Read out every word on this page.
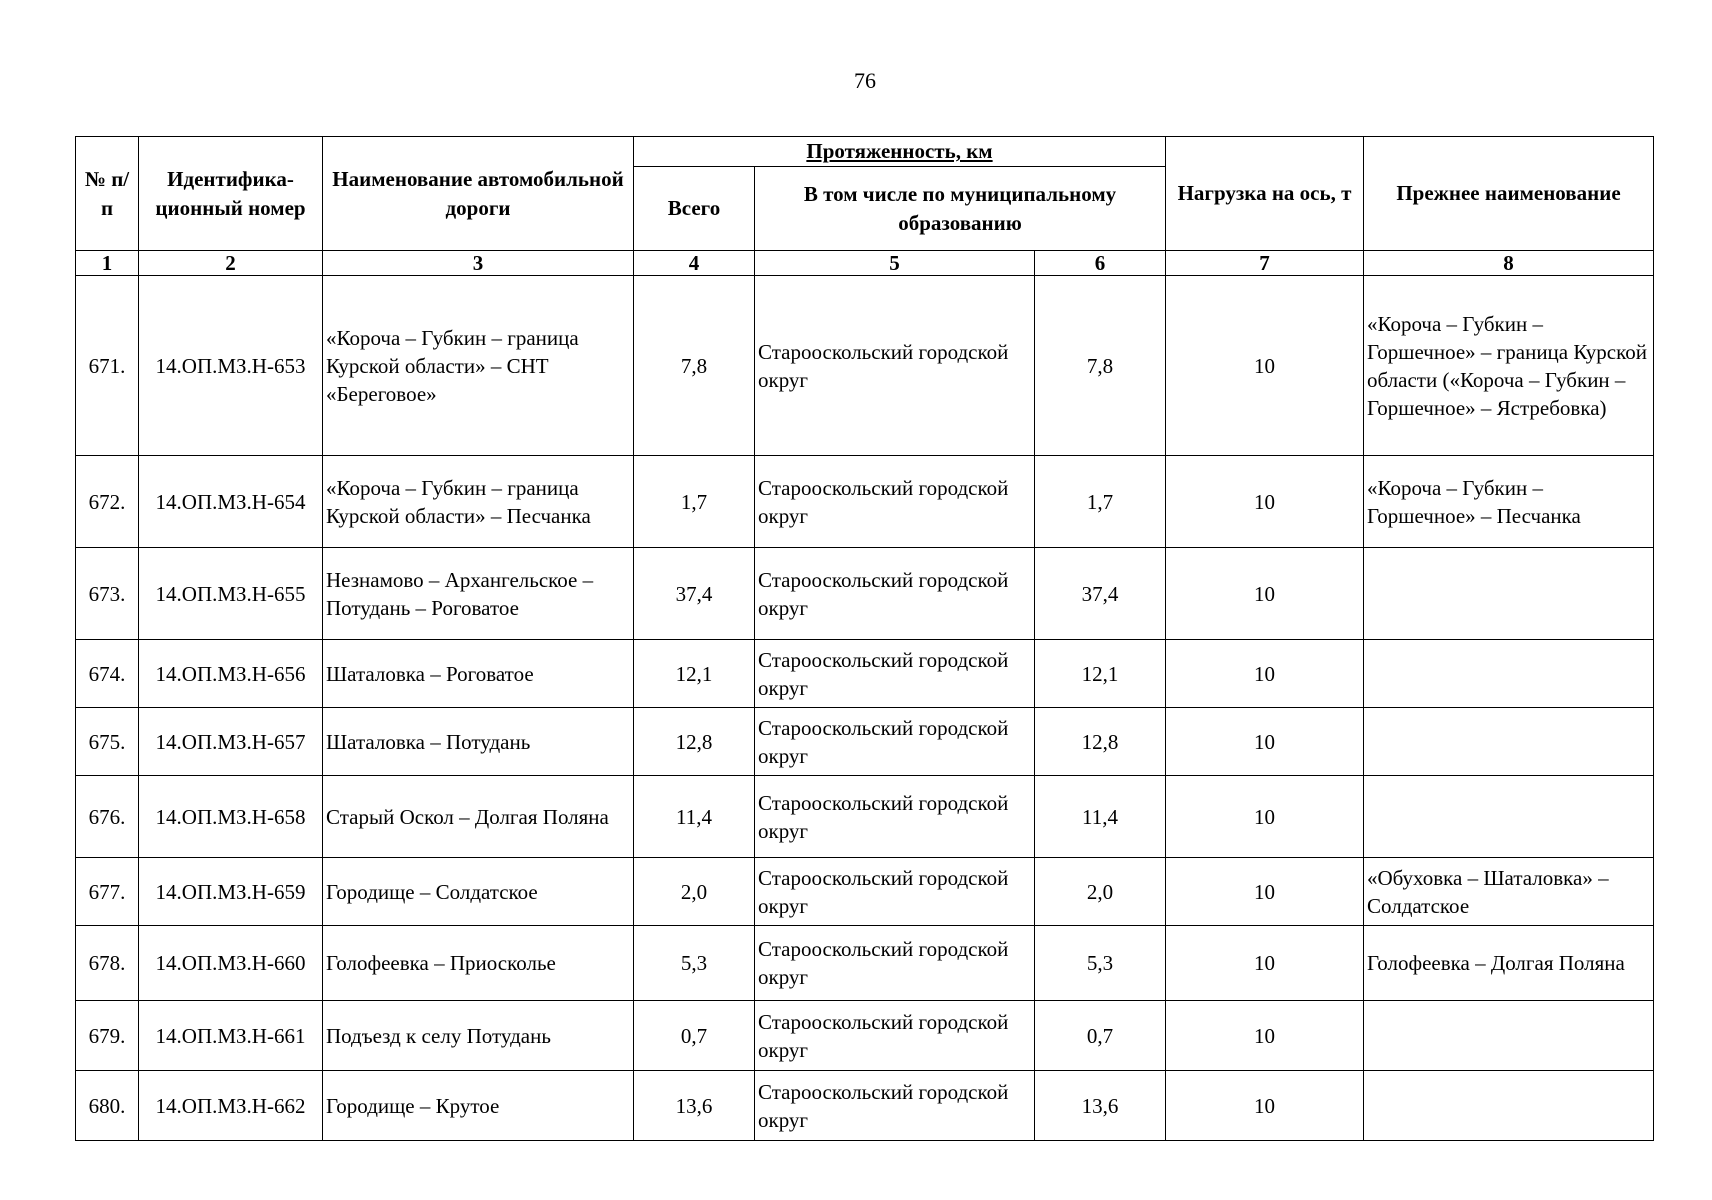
76
№ п/п	Идентифика-ционный номер	Наименование автомобильной дороги	Протяженность, км			Нагрузка на ось, т	Прежнее наименование
			Всего	В том числе по муниципальному образованию			
1	2	3	4	5	6	7	8
671.	14.ОП.МЗ.Н-653	«Короча – Губкин – граница Курской области» – СНТ «Береговое»	7,8	Старооскольский городской округ	7,8	10	«Короча – Губкин – Горшечное» – граница Курской области («Короча – Губкин – Горшечное» – Ястребовка)
672.	14.ОП.МЗ.Н-654	«Короча – Губкин – граница Курской области» – Песчанка	1,7	Старооскольский городской округ	1,7	10	«Короча – Губкин – Горшечное» – Песчанка
673.	14.ОП.МЗ.Н-655	Незнамово – Архангельское – Потудань – Роговатое	37,4	Старооскольский городской округ	37,4	10	
674.	14.ОП.МЗ.Н-656	Шаталовка – Роговатое	12,1	Старооскольский городской округ	12,1	10	
675.	14.ОП.МЗ.Н-657	Шаталовка – Потудань	12,8	Старооскольский городской округ	12,8	10	
676.	14.ОП.МЗ.Н-658	Старый Оскол – Долгая Поляна	11,4	Старооскольский городской округ	11,4	10	
677.	14.ОП.МЗ.Н-659	Городище – Солдатское	2,0	Старооскольский городской округ	2,0	10	«Обуховка – Шаталовка» – Солдатское
678.	14.ОП.МЗ.Н-660	Голофеевка – Приосколье	5,3	Старооскольский городской округ	5,3	10	Голофеевка – Долгая Поляна
679.	14.ОП.МЗ.Н-661	Подъезд к селу Потудань	0,7	Старооскольский городской округ	0,7	10	
680.	14.ОП.МЗ.Н-662	Городище – Крутое	13,6	Старооскольский городской округ	13,6	10	
